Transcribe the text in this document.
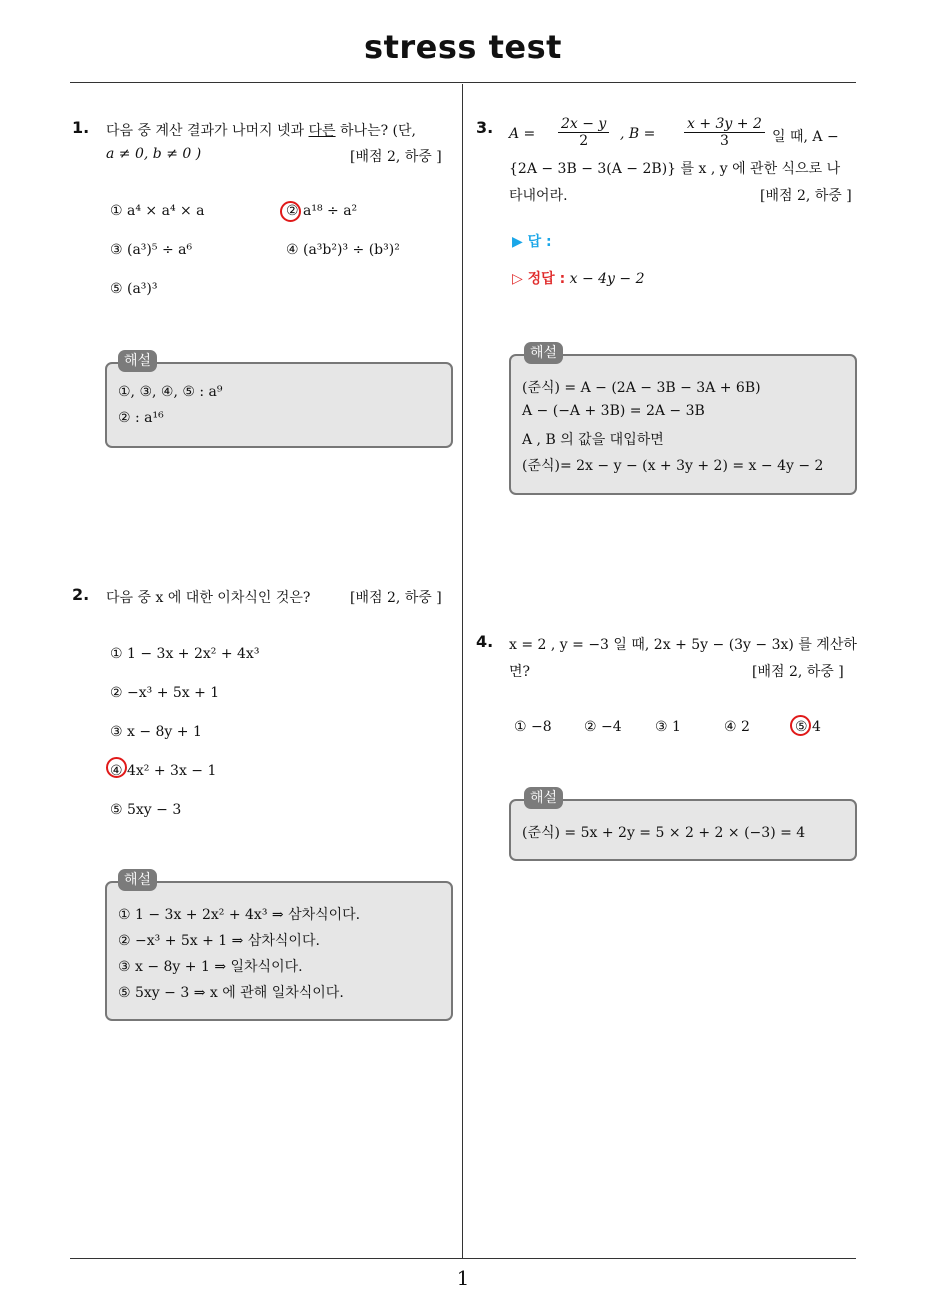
stress test
1
1. 다음 중 계산 결과가 나머지 넷과 다른 하나는? (단,
a ≠ 0, b ≠ 0 )	[배점 2, 하중 ]
① a⁴ × a⁴ × a	② a¹⁸ ÷ a²
③ (a³)⁵ ÷ a⁶	④ (a³b²)³ ÷ (b³)²
⑤ (a³)³
해설
①, ③, ④, ⑤ : a⁹
② : a¹⁶
2. 다음 중 x 에 대한 이차식인 것은?	[배점 2, 하중 ]
① 1 − 3x + 2x² + 4x³
② −x³ + 5x + 1
③ x − 8y + 1
④ 4x² + 3x − 1
⑤ 5xy − 3
해설
① 1 − 3x + 2x² + 4x³ ⇒ 삼차식이다.
② −x³ + 5x + 1 ⇒ 삼차식이다.
③ x − 8y + 1 ⇒ 일차식이다.
⑤ 5xy − 3 ⇒ x 에 관해 일차식이다.
3. $A = \frac{2x - y}{2}$ , $B = \frac{x + 3y + 2}{3}$ 일 때, A −
{2A − 3B − 3(A − 2B)} 를 x , y 에 관한 식으로 나
타내어라.	[배점 2, 하중 ]
▶ 답 :
▷ 정답 : x − 4y − 2
해설
(준식) = A − (2A − 3B − 3A + 6B)
A − (−A + 3B) = 2A − 3B
A , B 의 값을 대입하면
(준식)= 2x − y − (x + 3y + 2) = x − 4y − 2
4. x = 2 , y = −3 일 때, 2x + 5y − (3y − 3x) 를 계산하
면?	[배점 2, 하중 ]
① −8 ② −4 ③ 1	④ 2	⑤ 4
해설
(준식) = 5x + 2y = 5 × 2 + 2 × (−3) = 4
